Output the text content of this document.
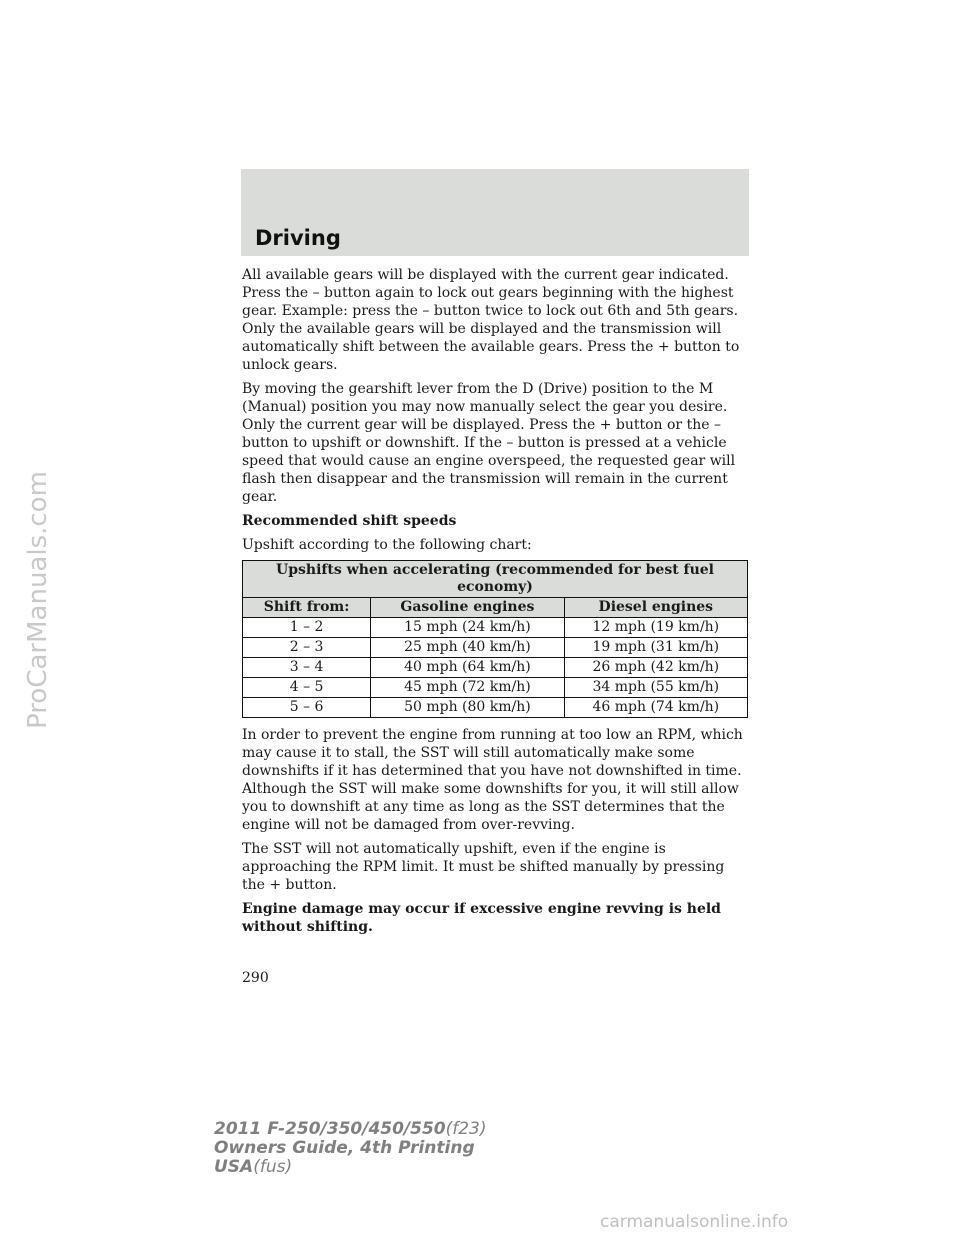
ProCarManuals.com
Driving

All available gears will be displayed with the current gear indicated. Press the – button again to lock out gears beginning with the highest gear. Example: press the – button twice to lock out 6th and 5th gears. Only the available gears will be displayed and the transmission will automatically shift between the available gears. Press the + button to unlock gears.

By moving the gearshift lever from the D (Drive) position to the M (Manual) position you may now manually select the gear you desire. Only the current gear will be displayed. Press the + button or the – button to upshift or downshift. If the – button is pressed at a vehicle speed that would cause an engine overspeed, the requested gear will flash then disappear and the transmission will remain in the current gear.

Recommended shift speeds

Upshift according to the following chart:

Upshifts when accelerating (recommended for best fuel economy)		
Shift from:	Gasoline engines	Diesel engines
1 – 2	15 mph (24 km/h)	12 mph (19 km/h)
2 – 3	25 mph (40 km/h)	19 mph (31 km/h)
3 – 4	40 mph (64 km/h)	26 mph (42 km/h)
4 – 5	45 mph (72 km/h)	34 mph (55 km/h)
5 – 6	50 mph (80 km/h)	46 mph (74 km/h)

In order to prevent the engine from running at too low an RPM, which may cause it to stall, the SST will still automatically make some downshifts if it has determined that you have not downshifted in time. Although the SST will make some downshifts for you, it will still allow you to downshift at any time as long as the SST determines that the engine will not be damaged from over-revving.

The SST will not automatically upshift, even if the engine is approaching the RPM limit. It must be shifted manually by pressing the + button.

Engine damage may occur if excessive engine revving is held without shifting.

290
2011 F-250/350/450/550(f23)
Owners Guide, 4th Printing
USA(fus)
carmanualsonline.info
